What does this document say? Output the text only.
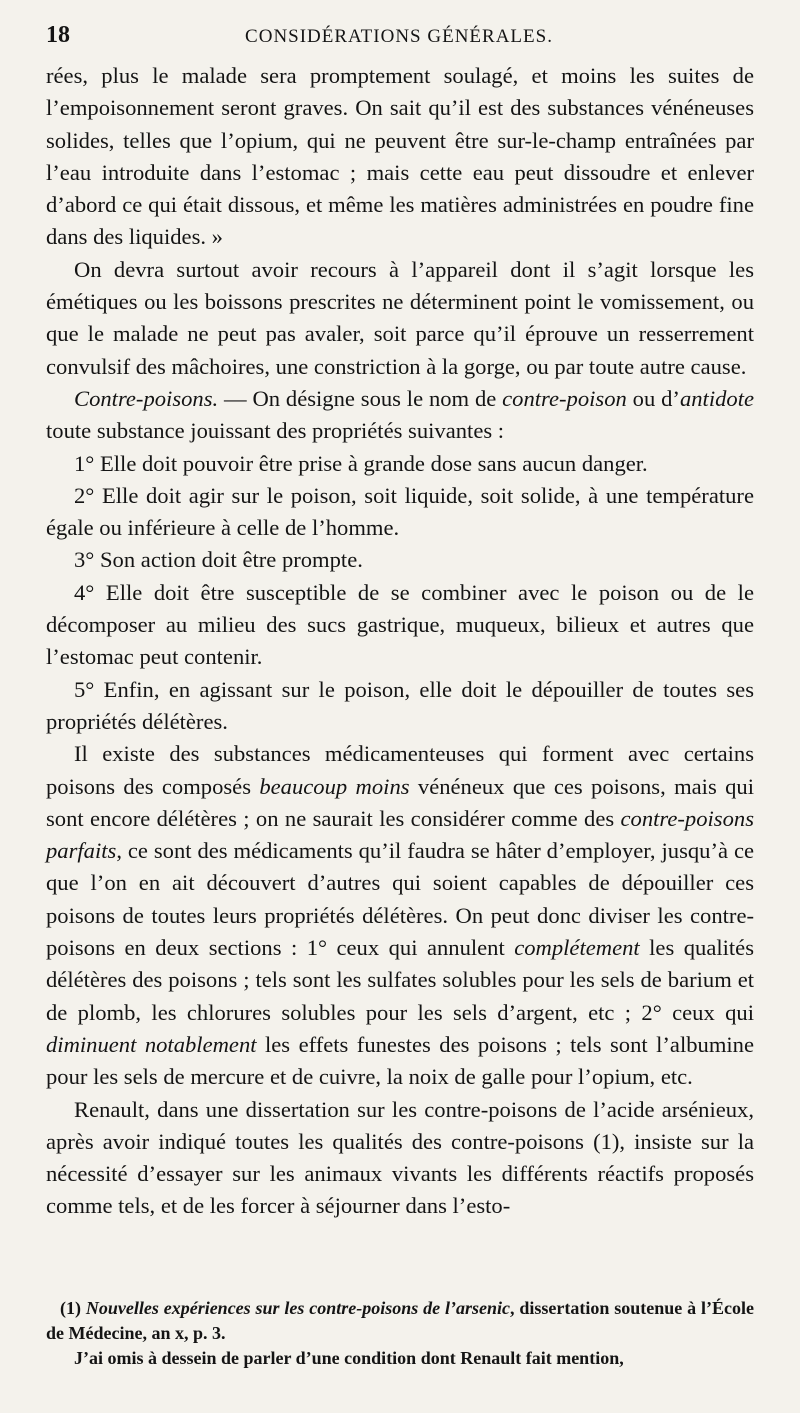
18	CONSIDÉRATIONS GÉNÉRALES.

rées, plus le malade sera promptement soulagé, et moins les suites de l’empoisonnement seront graves. On sait qu’il est des substances vénéneuses solides, telles que l’opium, qui ne peuvent être sur-le-champ entraînées par l’eau introduite dans l’estomac ; mais cette eau peut dissoudre et enlever d’abord ce qui était dissous, et même les matières administrées en poudre fine dans des liquides. »

On devra surtout avoir recours à l’appareil dont il s’agit lorsque les émétiques ou les boissons prescrites ne déterminent point le vomissement, ou que le malade ne peut pas avaler, soit parce qu’il éprouve un resserrement convulsif des mâchoires, une constriction à la gorge, ou par toute autre cause.

Contre-poisons. — On désigne sous le nom de contre-poison ou d’antidote toute substance jouissant des propriétés suivantes :

1° Elle doit pouvoir être prise à grande dose sans aucun danger.

2° Elle doit agir sur le poison, soit liquide, soit solide, à une température égale ou inférieure à celle de l’homme.

3° Son action doit être prompte.

4° Elle doit être susceptible de se combiner avec le poison ou de le décomposer au milieu des sucs gastrique, muqueux, bilieux et autres que l’estomac peut contenir.

5° Enfin, en agissant sur le poison, elle doit le dépouiller de toutes ses propriétés délétères.

Il existe des substances médicamenteuses qui forment avec certains poisons des composés beaucoup moins vénéneux que ces poisons, mais qui sont encore délétères ; on ne saurait les considérer comme des contre-poisons parfaits, ce sont des médicaments qu’il faudra se hâter d’employer, jusqu’à ce que l’on en ait découvert d’autres qui soient capables de dépouiller ces poisons de toutes leurs propriétés délétères. On peut donc diviser les contre-poisons en deux sections : 1° ceux qui annulent complétement les qualités délétères des poisons ; tels sont les sulfates solubles pour les sels de barium et de plomb, les chlorures solubles pour les sels d’argent, etc ; 2° ceux qui diminuent notablement les effets funestes des poisons ; tels sont l’albumine pour les sels de mercure et de cuivre, la noix de galle pour l’opium, etc.

Renault, dans une dissertation sur les contre-poisons de l’acide arsénieux, après avoir indiqué toutes les qualités des contre-poisons (1), insiste sur la nécessité d’essayer sur les animaux vivants les différents réactifs proposés comme tels, et de les forcer à séjourner dans l’esto-

(1) Nouvelles expériences sur les contre-poisons de l’arsenic, dissertation soutenue à l’École de Médecine, an x, p. 3.

J’ai omis à dessein de parler d’une condition dont Renault fait mention,
